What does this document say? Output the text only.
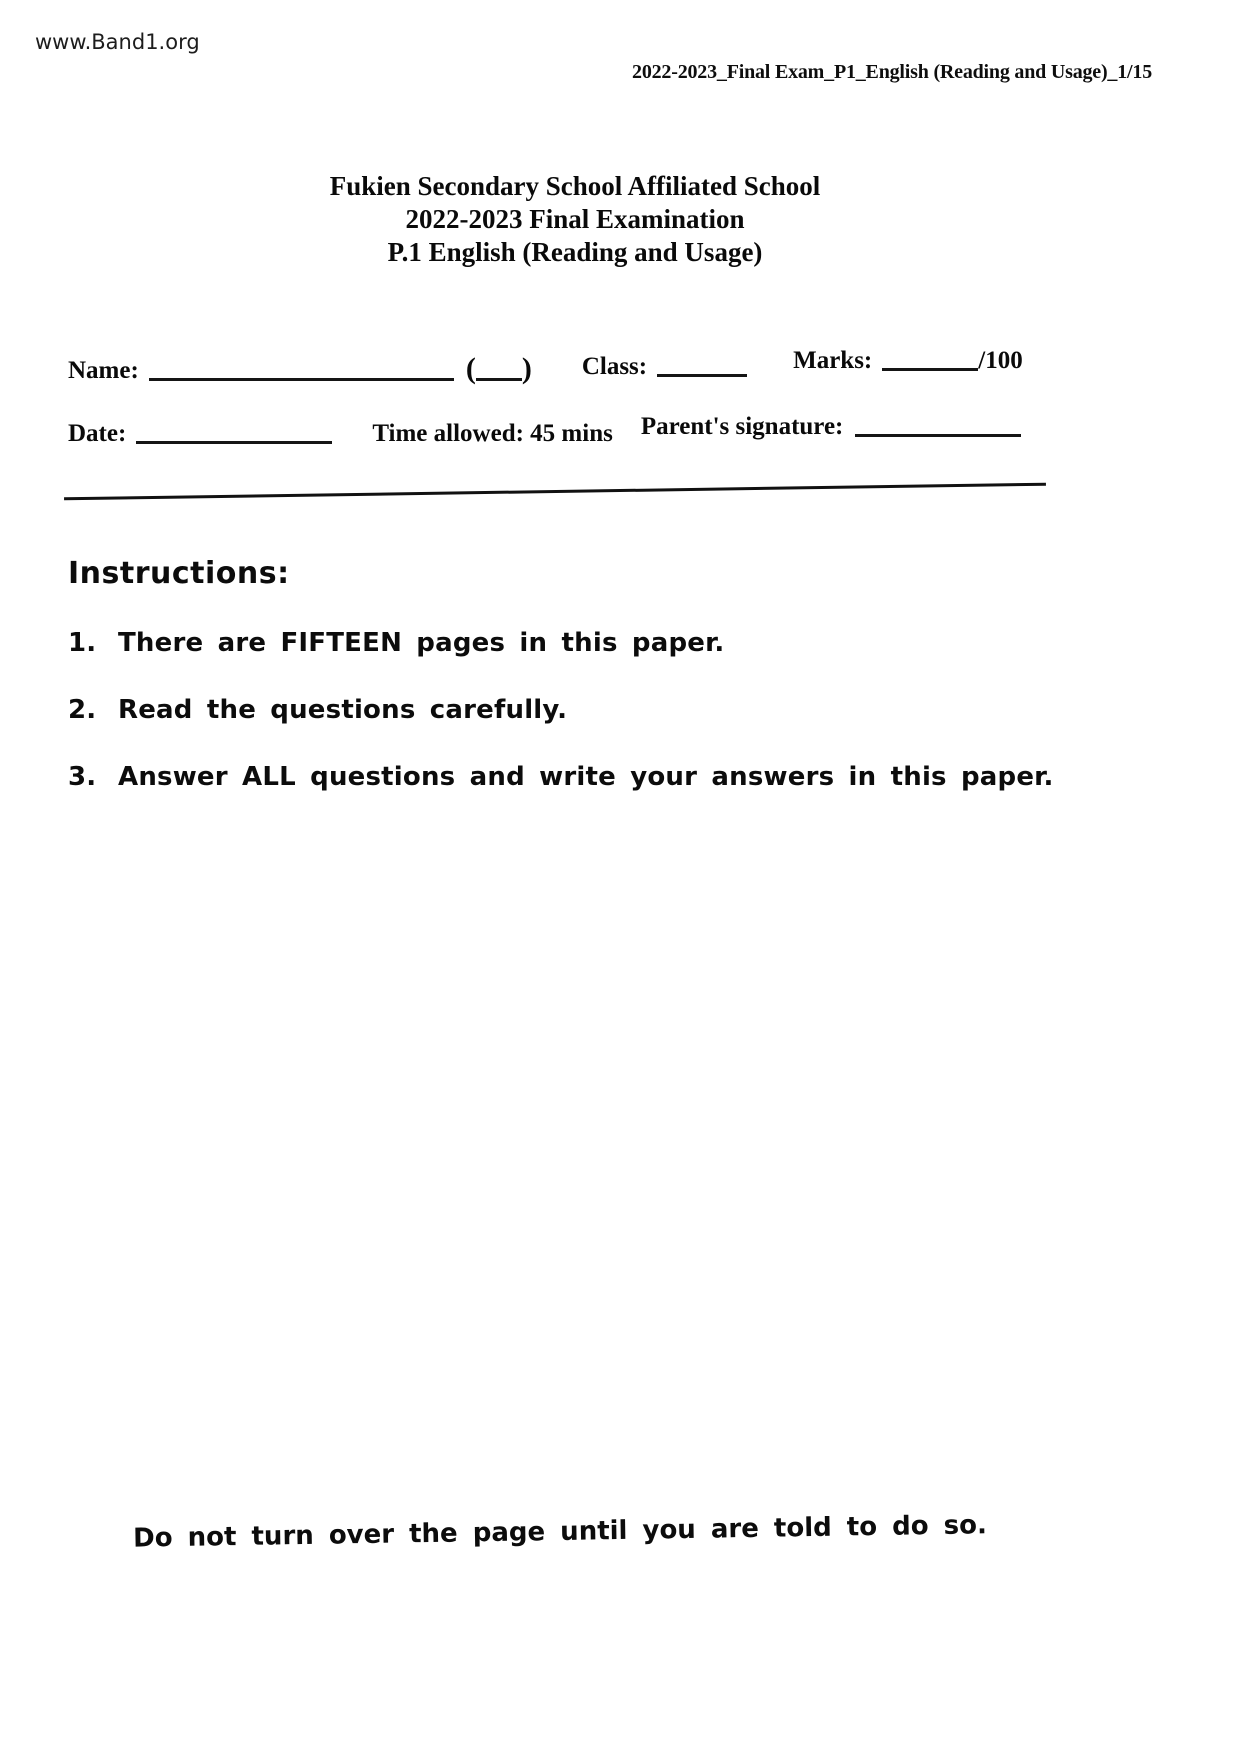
www.Band1.org
2022-2023_Final Exam_P1_English (Reading and Usage)_1/15
Fukien Secondary School Affiliated School
2022-2023 Final Examination
P.1 English (Reading and Usage)
Name:	( ) Class:	Marks:	/100
Date:	Time allowed: 45 mins Parent's signature:
Instructions:
1. There are FIFTEEN pages in this paper.
2. Read the questions carefully.
3. Answer ALL questions and write your answers in this paper.
Do not turn over the page until you are told to do so.
